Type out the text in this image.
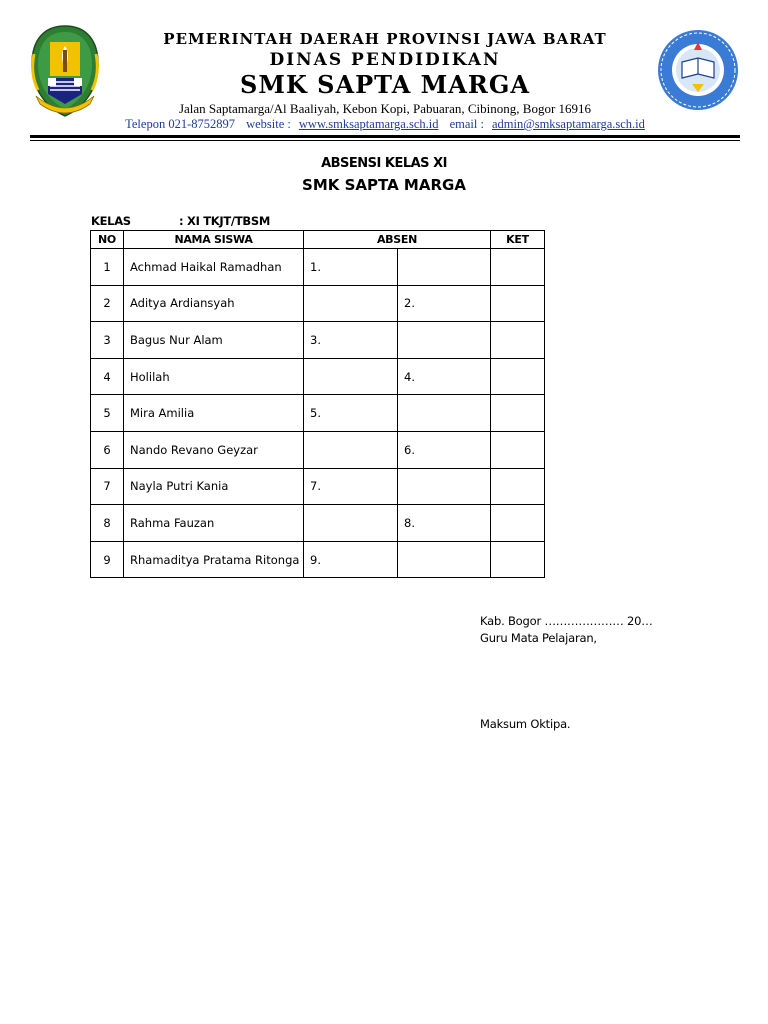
PEMERINTAH DAERAH PROVINSI JAWA BARAT
DINAS PENDIDIKAN
SMK SAPTA MARGA
Jalan Saptamarga/Al Baaliyah, Kebon Kopi, Pabuaran, Cibinong, Bogor 16916
Telepon 021-8752897 website : www.smksaptamarga.sch.id email : admin@smksaptamarga.sch.id
ABSENSI KELAS XI
SMK SAPTA MARGA
KELAS	: XI TKJT/TBSM
NO	NAMA SISWA	ABSEN		KET
1	Achmad Haikal Ramadhan	1.		
2	Aditya Ardiansyah		2.	
3	Bagus Nur Alam	3.		
4	Holilah		4.	
5	Mira Amilia	5.		
6	Nando Revano Geyzar		6.	
7	Nayla Putri Kania	7.		
8	Rahma Fauzan		8.	
9	Rhamaditya Pratama Ritonga	9.		
Kab. Bogor ………………… 20…
Guru Mata Pelajaran,
Maksum Oktipa.
